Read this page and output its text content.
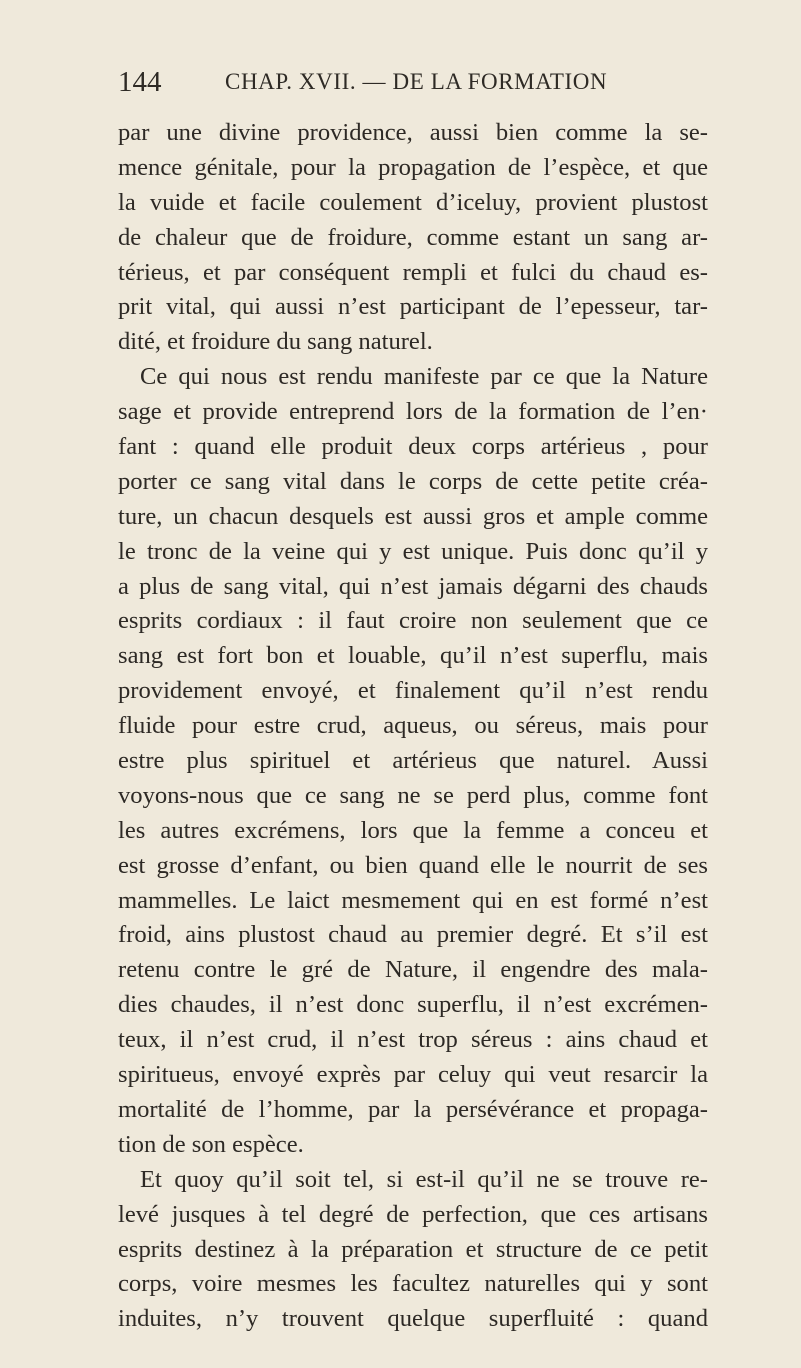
144	CHAP. XVII. — DE LA FORMATION
par une divine providence, aussi bien comme la se-
mence génitale, pour la propagation de l’espèce, et que
la vuide et facile coulement d’iceluy, provient plustost
de chaleur que de froidure, comme estant un sang ar-
térieus, et par conséquent rempli et fulci du chaud es-
prit vital, qui aussi n’est participant de l’epesseur, tar-
dité, et froidure du sang naturel.
Ce qui nous est rendu manifeste par ce que la Nature
sage et provide entreprend lors de la formation de l’en·
fant : quand elle produit deux corps artérieus , pour
porter ce sang vital dans le corps de cette petite créa-
ture, un chacun desquels est aussi gros et ample comme
le tronc de la veine qui y est unique. Puis donc qu’il y
a plus de sang vital, qui n’est jamais dégarni des chauds
esprits cordiaux : il faut croire non seulement que ce
sang est fort bon et louable, qu’il n’est superflu, mais
providement envoyé, et finalement qu’il n’est rendu
fluide pour estre crud, aqueus, ou séreus, mais pour
estre plus spirituel et artérieus que naturel. Aussi
voyons-nous que ce sang ne se perd plus, comme font
les autres excrémens, lors que la femme a conceu et
est grosse d’enfant, ou bien quand elle le nourrit de ses
mammelles. Le laict mesmement qui en est formé n’est
froid, ains plustost chaud au premier degré. Et s’il est
retenu contre le gré de Nature, il engendre des mala-
dies chaudes, il n’est donc superflu, il n’est excrémen-
teux, il n’est crud, il n’est trop séreus : ains chaud et
spiritueus, envoyé exprès par celuy qui veut resarcir la
mortalité de l’homme, par la persévérance et propaga-
tion de son espèce.
Et quoy qu’il soit tel, si est-il qu’il ne se trouve re-
levé jusques à tel degré de perfection, que ces artisans
esprits destinez à la préparation et structure de ce petit
corps, voire mesmes les facultez naturelles qui y sont
induites, n’y trouvent quelque superfluité : quand
